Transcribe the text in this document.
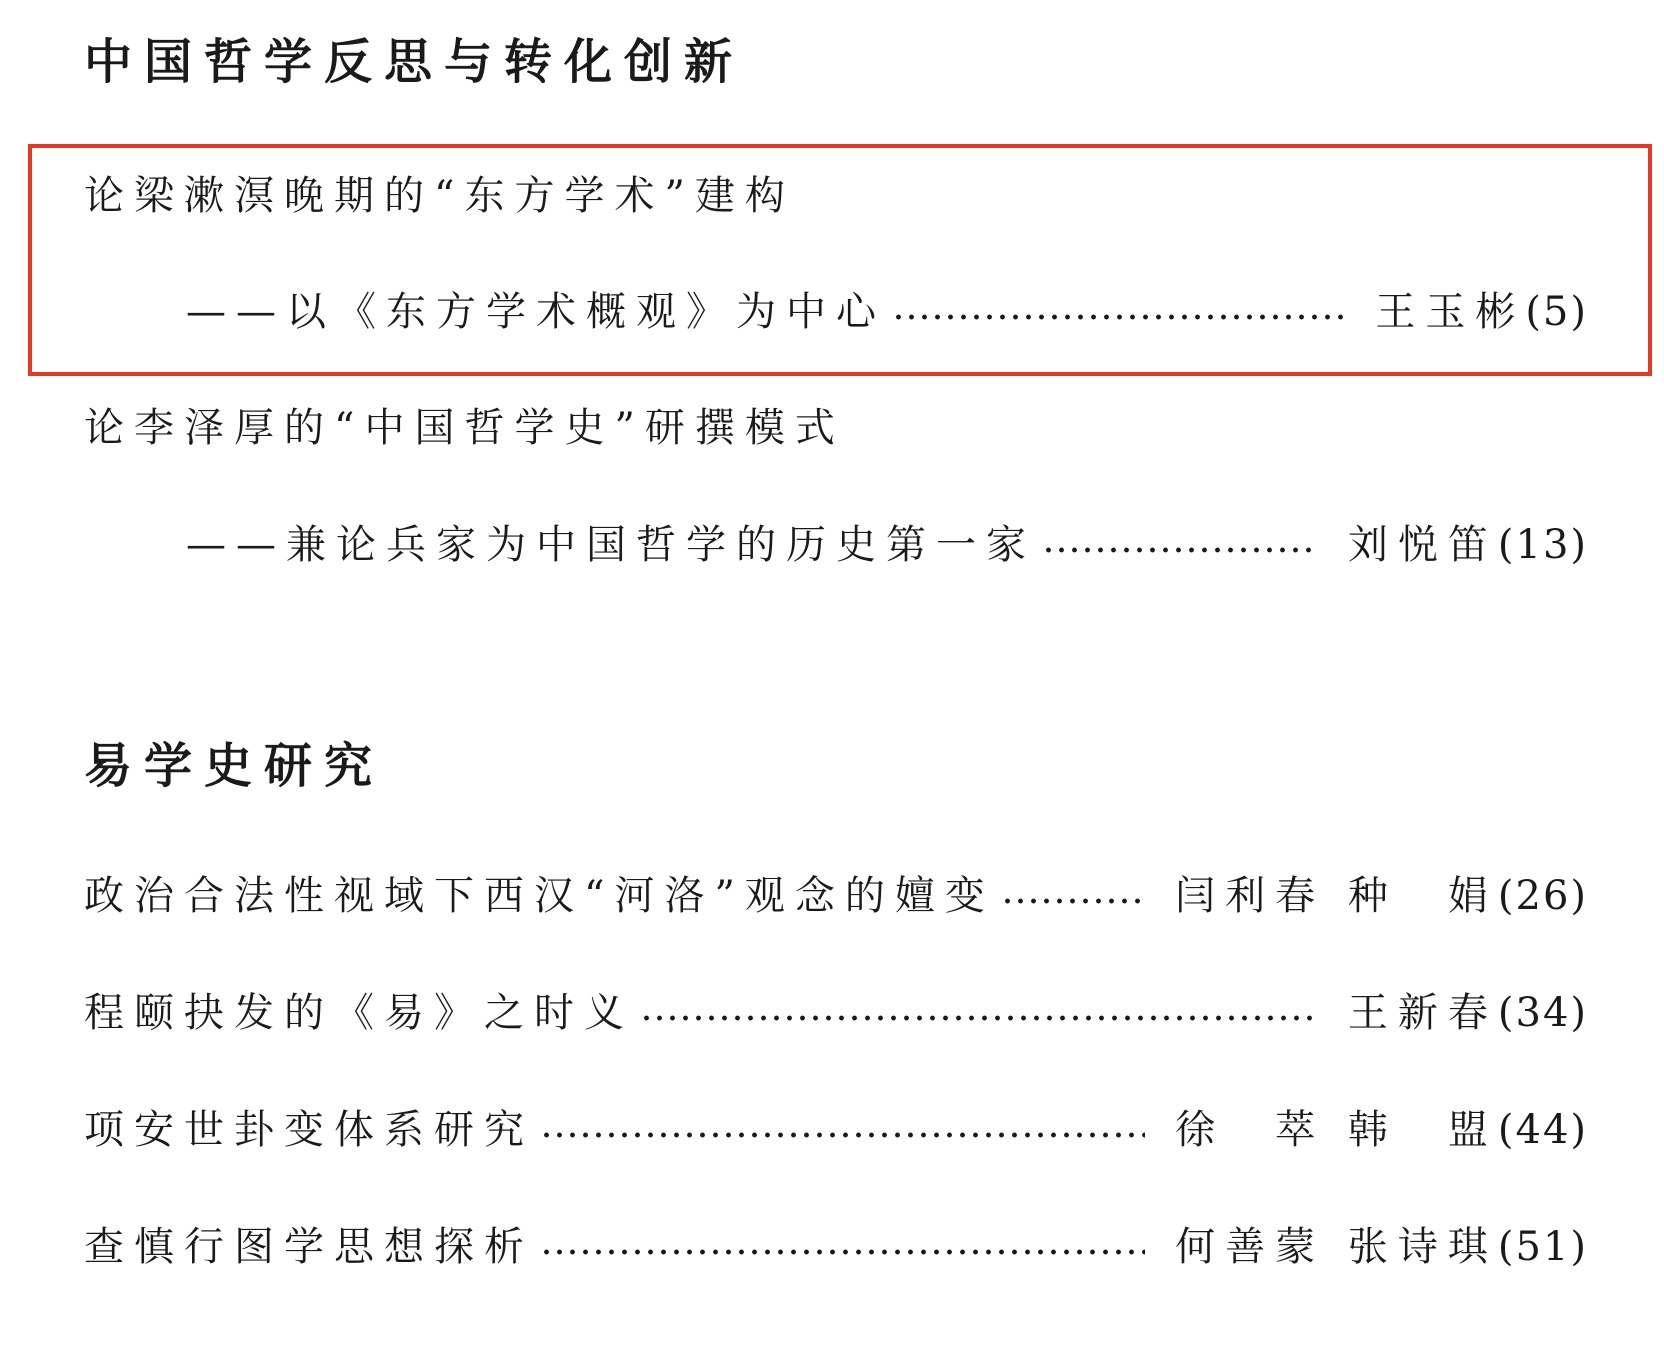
中国哲学反思与转化创新
论梁漱溟晚期的“东方学术”建构
——以《东方学术概观》为中心	王玉彬 (5)
论李泽厚的“中国哲学史”研撰模式
——兼论兵家为中国哲学的历史第一家	刘悦笛 (13)
易学史研究
政治合法性视域下西汉“河洛”观念的嬗变	闫利春 种　娟 (26)
程颐抉发的《易》之时义	王新春 (34)
项安世卦变体系研究	徐　萃 韩　盟 (44)
查慎行图学思想探析	何善蒙 张诗琪 (51)
